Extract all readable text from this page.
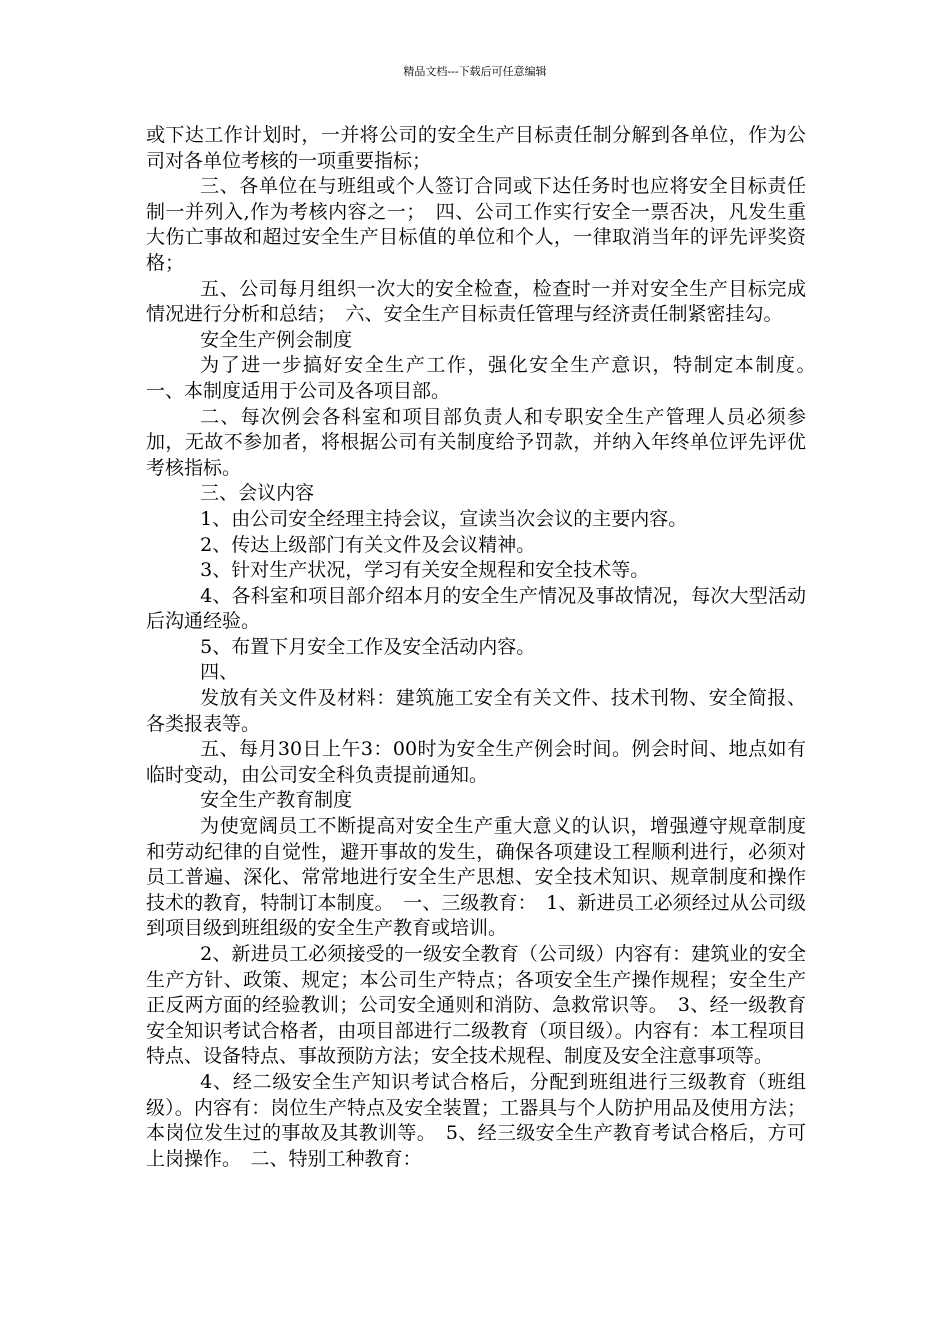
精品文档---下载后可任意编辑

或下达工作计划时，一并将公司的安全生产目标责任制分解到各单位，作为公司对各单位考核的一项重要指标；

三、各单位在与班组或个人签订合同或下达任务时也应将安全目标责任制一并列入,作为考核内容之一；　四、公司工作实行安全一票否决，凡发生重大伤亡事故和超过安全生产目标值的单位和个人，一律取消当年的评先评奖资格；

五、公司每月组织一次大的安全检查，检查时一并对安全生产目标完成情况进行分析和总结；　六、安全生产目标责任管理与经济责任制紧密挂勾。

安全生产例会制度

为了进一步搞好安全生产工作，强化安全生产意识，特制定本制度。　一、本制度适用于公司及各项目部。

二、每次例会各科室和项目部负责人和专职安全生产管理人员必须参加，无故不参加者，将根据公司有关制度给予罚款，并纳入年终单位评先评优考核指标。

三、会议内容

1、由公司安全经理主持会议，宣读当次会议的主要内容。

2、传达上级部门有关文件及会议精神。

3、针对生产状况，学习有关安全规程和安全技术等。

4、各科室和项目部介绍本月的安全生产情况及事故情况，每次大型活动后沟通经验。

5、布置下月安全工作及安全活动内容。

四、

发放有关文件及材料：建筑施工安全有关文件、技术刊物、安全简报、各类报表等。

五、每月30日上午3：00时为安全生产例会时间。例会时间、地点如有临时变动，由公司安全科负责提前通知。

安全生产教育制度

为使宽阔员工不断提高对安全生产重大意义的认识，增强遵守规章制度和劳动纪律的自觉性，避开事故的发生，确保各项建设工程顺利进行，必须对员工普遍、深化、常常地进行安全生产思想、安全技术知识、规章制度和操作技术的教育，特制订本制度。　一、三级教育：　1、新进员工必须经过从公司级到项目级到班组级的安全生产教育或培训。

2、新进员工必须接受的一级安全教育（公司级）内容有：建筑业的安全生产方针、政策、规定；本公司生产特点；各项安全生产操作规程；安全生产正反两方面的经验教训；公司安全通则和消防、急救常识等。　3、经一级教育安全知识考试合格者，由项目部进行二级教育（项目级）。内容有：本工程项目特点、设备特点、事故预防方法；安全技术规程、制度及安全注意事项等。

4、经二级安全生产知识考试合格后，分配到班组进行三级教育（班组级）。内容有：岗位生产特点及安全装置；工器具与个人防护用品及使用方法；本岗位发生过的事故及其教训等。　5、经三级安全生产教育考试合格后，方可上岗操作。　二、特别工种教育：
